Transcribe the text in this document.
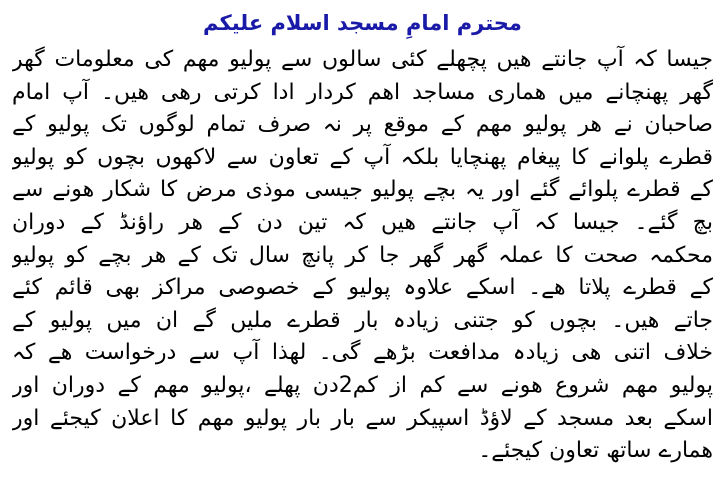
محترم امامِ مسجد اسلام علیکم
جیسا کہ آپ جانتے ھیں پچھلے کئی سالوں سے پولیو مھم کی معلومات گھر
گھر پھنچانے میں ھماری مساجد اھم کردار ادا کرتی رھی ھیں۔ آپ امام
صاحبان نے ھر پولیو مھم کے موقع پر نہ صرف تمام لوگوں تک پولیو کے
قطرے پلوانے کا پیغام پھنچایا بلکہ آپ کے تعاون سے لاکھوں بچوں کو پولیو
کے قطرے پلوائے گئے اور یہ بچے پولیو جیسی موذی مرض کا شکار ھونے سے
بچ گئے۔ جیسا کہ آپ جانتے ھیں کہ تین دن کے ھر راؤنڈ کے دوران
محکمہ صحت کا عملہ گھر گھر جا کر پانچ سال تک کے ھر بچے کو پولیو
کے قطرے پلاتا ھے۔ اسکے علاوہ پولیو کے خصوصی مراکز بھی قائم کئے
جاتے ھیں۔ بچوں کو جتنی زیادہ بار قطرے ملیں گے ان میں پولیو کے
خلاف اتنی ھی زیادہ مدافعت بڑھے گی۔ لھذا آپ سے درخواست ھے کہ
پولیو مھم شروع ھونے سے کم از کم2دن پھلے ،پولیو مھم کے دوران اور
اسکے بعد مسجد کے لاؤڈ اسپیکر سے بار بار پولیو مھم کا اعلان کیجئے اور
ھمارے ساتھ تعاون کیجئے۔
